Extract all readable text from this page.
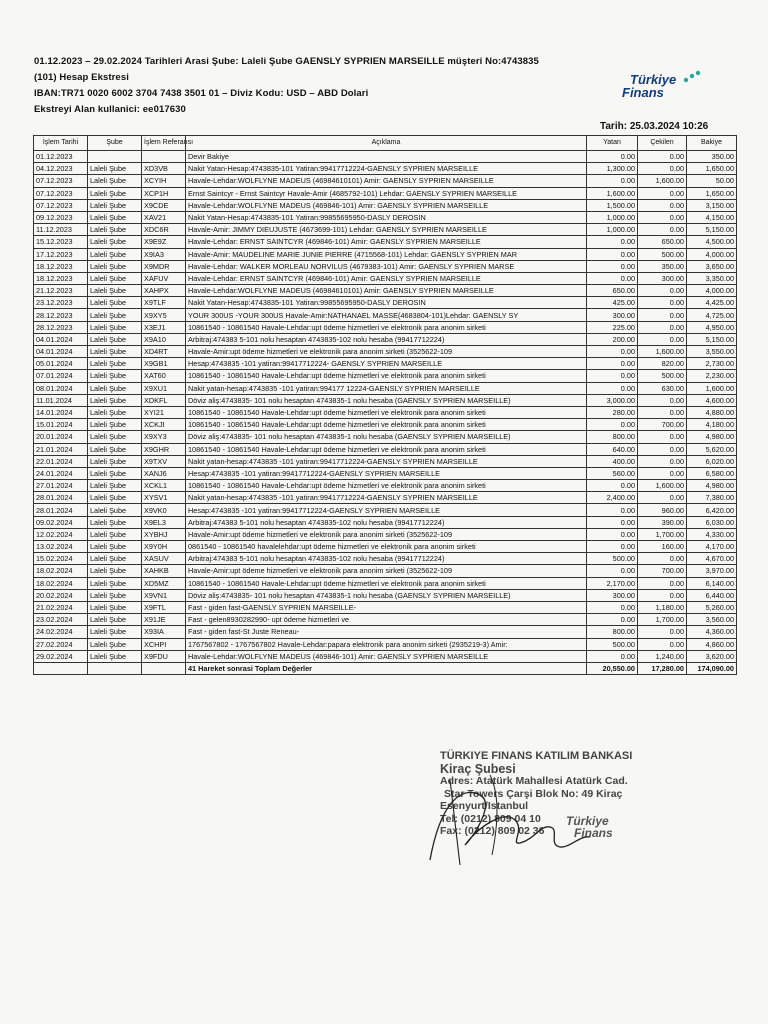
01.12.2023 – 29.02.2024 Tarihleri Arasi Şube: Laleli Şube GAENSLY SYPRIEN MARSEILLE müşteri No:4743835
(101) Hesap Ekstresi
IBAN:TR71 0020 6002 3704 7438 3501 01 – Diviz Kodu: USD – ABD Dolari
Ekstreyi Alan kullanici: ee017630
Türkiye
Finans
Tarih: 25.03.2024 10:26
İşlem Tarihi	Şube	İşlem Referansı	Açıklama	Yatan	Çekilen	Bakiye
01.12.2023			Devir Bakiye	0.00	0.00	350.00
04.12.2023	Laleli Şube	XD3VB	Nakit Yatan-Hesap:4743835-101 Yatiran:99417712224-GAENSLY SYPRIEN MARSEILLE	1,300.00	0.00	1,650.00
07.12.2023	Laleli Şube	XCYIH	Havale-Lehdar:WOLFLYNE MADEUS (46984610101) Amir: GAENSLY SYPRIEN MARSEILLE	0.00	1,600.00	50.00
07.12.2023	Laleli Şube	XCP1H	Ernst Saintcyr - Ernst Saintcyr Havale-Amir (4685792-101) Lehdar: GAENSLY SYPRIEN MARSEILLE	1,600.00	0.00	1,650.00
07.12.2023	Laleli Şube	X9CDE	Havale-Lehdar:WOLFLYNE MADEUS (469846-101) Amir: GAENSLY SYPRIEN MARSEILLE	1,500.00	0.00	3,150.00
09.12.2023	Laleli Şube	XAV21	Nakit Yatan-Hesap:4743835-101 Yatiran:99855695950-DASLY DEROSIN	1,000.00	0.00	4,150.00
11.12.2023	Laleli Şube	XDC6R	Havale-Amir: JIMMY DIEUJUSTE (4673699-101) Lehdar: GAENSLY SYPRIEN MARSEILLE	1,000.00	0.00	5,150.00
15.12.2023	Laleli Şube	X9E9Z	Havale-Lehdar: ERNST SAINTCYR (469846-101) Amir: GAENSLY SYPRIEN MARSEILLE	0.00	650.00	4,500.00
17.12.2023	Laleli Şube	X9IA3	Havale-Amir: MAUDELINE MARIE JUNIE PIERRE (4715568-101) Lehdar: GAENSLY SYPRIEN MAR	0.00	500.00	4,000.00
18.12.2023	Laleli Şube	X9MDR	Havale-Lehdar: WALKER MORLEAU NORVILUS (4679383-101) Amir: GAENSLY SYPRIEN MARSE	0.00	350.00	3,650.00
18.12.2023	Laleli Şube	XAFUV	Havale-Lehdar: ERNST SAINTCYR (469846-101) Amir: GAENSLY SYPRIEN MARSEILLE	0.00	300.00	3,350.00
21.12.2023	Laleli Şube	XAHPX	Havale-Lehdar:WOLFLYNE MADEUS (46984610101) Amir: GAENSLY SYPRIEN MARSEILLE	650.00	0.00	4,000.00
23.12.2023	Laleli Şube	X9TLF	Nakit Yatan-Hesap:4743835-101 Yatiran:99855695950-DASLY DEROSIN	425.00	0.00	4,425.00
28.12.2023	Laleli Şube	X9XY5	YOUR 300US -YOUR 300US Havale-Amir:NATHANAEL MASSE(4683804-101)Lehdar: GAENSLY SY	300.00	0.00	4,725.00
28.12.2023	Laleli Şube	X3EJ1	10861540 - 10861540 Havale-Lehdar:upt ödeme hizmetleri ve elektronik para anonim sirketi	225.00	0.00	4,950.00
04.01.2024	Laleli Şube	X9A10	Arbitraj:474383 5-101 nolu hesaptan 4743835-102 nolu hesaba (99417712224)	200.00	0.00	5,150.00
04.01.2024	Laleli Şube	XD4RT	Havale-Amir:upt ödeme hizmetleri ve elektronik para anonim sirketi (3525622-109	0.00	1,600.00	3,550.00
05.01.2024	Laleli Şube	X9GB1	Hesap:4743835 -101 yatiran:99417712224- GAENSLY SYPRIEN MARSEILLE	0.00	820.00	2,730.00
07.01.2024	Laleli Şube	XAT60	10861540 - 10861540 Havale-Lehdar:upt ödeme hizmetleri ve elektronik para anonim sirketi	0.00	500.00	2,230.00
08.01.2024	Laleli Şube	X9XU1	Nakit yatan-hesap:4743835 -101 yatiran:994177 12224-GAENSLY SYPRIEN MARSEILLE	0.00	630.00	1,600.00
11.01.2024	Laleli Şube	XDKFL	Döviz aliş:4743835- 101 nolu hesaptan 4743835-1 nolu hesaba (GAENSLY SYPRIEN MARSEILLE)	3,000.00	0.00	4,600.00
14.01.2024	Laleli Şube	XYI21	10861540 - 10861540 Havale-Lehdar:upt ödeme hizmetleri ve elektronik para anonim sirketi	280.00	0.00	4,880.00
15.01.2024	Laleli Şube	XCKJI	10861540 - 10861540 Havale-Lehdar:upt ödeme hizmetleri ve elektronik para anonim sirketi	0.00	700.00	4,180.00
20.01.2024	Laleli Şube	X9XY3	Döviz aliş:4743835- 101 nolu hesaptan 4743835-1 nolu hesaba (GAENSLY SYPRIEN MARSEILLE)	800.00	0.00	4,980.00
21.01.2024	Laleli Şube	X9GHR	10861540 - 10861540 Havale-Lehdar:upt ödeme hizmetleri ve elektronik para anonim sirketi	640.00	0.00	5,620.00
22.01.2024	Laleli Şube	X9TXV	Nakit yatan-hesap:4743835 -101 yatiran:99417712224-GAENSLY SYPRIEN MARSEILLE	400.00	0.00	6,020.00
24.01.2024	Laleli Şube	XANJ6	Hesap:4743835 -101 yatiran:99417712224-GAENSLY SYPRIEN MARSEILLE	560.00	0.00	6,580.00
27.01.2024	Laleli Şube	XCKL1	10861540 - 10861540 Havale-Lehdar:upt ödeme hizmetleri ve elektronik para anonim sirketi	0.00	1,600.00	4,980.00
28.01.2024	Laleli Şube	XYSV1	Nakit yatan-hesap:4743835 -101 yatiran:99417712224-GAENSLY SYPRIEN MARSEILLE	2,400.00	0.00	7,380.00
28.01.2024	Laleli Şube	X9VK0	Hesap:4743835 -101 yatiran:99417712224-GAENSLY SYPRIEN MARSEILLE	0.00	960.00	6,420.00
09.02.2024	Laleli Şube	X9EL3	Arbitraj:474383 5-101 nolu hesaptan 4743835-102 nolu hesaba (99417712224)	0.00	390.00	6,030.00
12.02.2024	Laleli Şube	XYBHJ	Havale-Amir:upt ödeme hizmetleri ve elektronik para anonim sirketi (3525622-109	0.00	1,700.00	4,330.00
13.02.2024	Laleli Şube	X9Y0H	0861540 - 10861540 havalelehdar:upt ödeme hizmetleri ve elektronik para anonim sirketi	0.00	160.00	4,170.00
15.02.2024	Laleli Şube	XASUV	Arbitraj:474383 5-101 nolu hesaptan 4743835-102 nolu hesaba (99417712224)	500.00	0.00	4,670.00
18.02.2024	Laleli Şube	XAHKB	Havale-Amir:upt ödeme hizmetleri ve elektronik para anonim sirketi (3525622-109	0.00	700.00	3,970.00
18.02.2024	Laleli Şube	XD5MZ	10861540 - 10861540 Havale-Lehdar:upt ödeme hizmetleri ve elektronik para anonim sirketi	2,170.00	0.00	6,140.00
20.02.2024	Laleli Şube	X9VN1	Döviz aliş:4743835- 101 nolu hesaptan 4743835-1 nolu hesaba (GAENSLY SYPRIEN MARSEILLE)	300.00	0.00	6,440.00
21.02.2024	Laleli Şube	X9FTL	Fast - giden fast-GAENSLY SYPRIEN MARSEILLE-	0.00	1,180.00	5,260.00
23.02.2024	Laleli Şube	X91JE	Fast - gelen8930282990- upt ödeme hizmetleri ve	0.00	1,700.00	3,560.00
24.02.2024	Laleli Şube	X93IA	Fast - giden fast-St Juste Reneau-	800.00	0.00	4,360.00
27.02.2024	Laleli Şube	XCHPI	1767567802 - 1767567802 Havale-Lehdar:papara elektronik para anonim sirketi (2935219-3) Amir:	500.00	0.00	4,860.00
29.02.2024	Laleli Şube	X9FDU	Havale-Lehdar:WOLFLYNE MADEUS (469846-101) Amir: GAENSLY SYPRIEN MARSEILLE	0.00	1,240.00	3,620.00
			41 Hareket sonrasi Toplam Değerler	20,550.00	17,280.00	174,090.00
TÜRKIYE FINANS KATILIM BANKASI
Kiraç Şubesi
Adres: Atatürk Mahallesi Atatürk Cad.
Star Towers Çarşi Blok No: 49 Kiraç
Esenyurt/Istanbul
Tel: (0212) 809 04 10
Fax: (0212) 809 02 36
Türkiye
Finans
